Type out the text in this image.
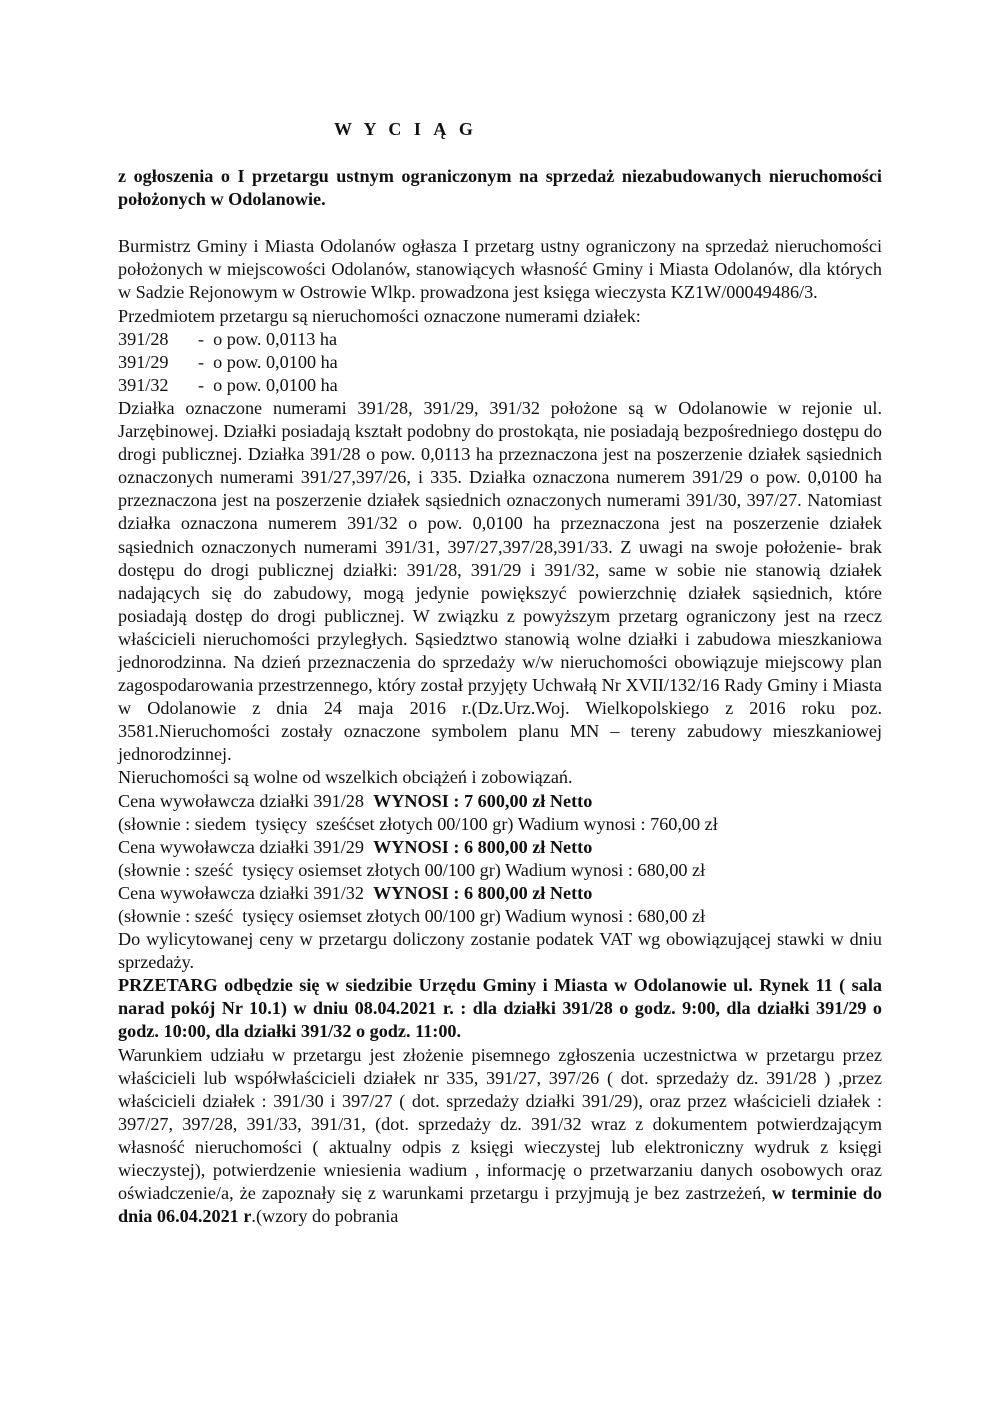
W Y C I Ą G

z ogłoszenia o I przetargu ustnym ograniczonym na sprzedaż niezabudowanych nieruchomości położonych w Odolanowie.

Burmistrz Gminy i Miasta Odolanów ogłasza I przetarg ustny ograniczony na sprzedaż nieruchomości położonych w miejscowości Odolanów, stanowiących własność Gminy i Miasta Odolanów, dla których w Sadzie Rejonowym w Ostrowie Wlkp. prowadzona jest księga wieczysta KZ1W/00049486/3.

Przedmiotem przetargu są nieruchomości oznaczone numerami działek:

391/28 -  o pow. 0,0113 ha

391/29 -  o pow. 0,0100 ha

391/32 -  o pow. 0,0100 ha

Działka oznaczone numerami 391/28, 391/29, 391/32 położone są w Odolanowie w rejonie ul. Jarzębinowej. Działki posiadają kształt podobny do prostokąta, nie posiadają bezpośredniego dostępu do drogi publicznej. Działka 391/28 o pow. 0,0113 ha przeznaczona jest na poszerzenie działek sąsiednich oznaczonych numerami 391/27,397/26, i 335. Działka oznaczona numerem 391/29 o pow. 0,0100 ha przeznaczona jest na poszerzenie działek sąsiednich oznaczonych numerami 391/30, 397/27. Natomiast działka oznaczona numerem 391/32 o pow. 0,0100 ha przeznaczona jest na poszerzenie działek sąsiednich oznaczonych numerami 391/31, 397/27,397/28,391/33. Z uwagi na swoje położenie- brak dostępu do drogi publicznej działki: 391/28, 391/29 i 391/32, same w sobie nie stanowią działek nadających się do zabudowy, mogą jedynie powiększyć powierzchnię działek sąsiednich, które posiadają dostęp do drogi publicznej. W związku z powyższym przetarg ograniczony jest na rzecz właścicieli nieruchomości przyległych. Sąsiedztwo stanowią wolne działki i zabudowa mieszkaniowa jednorodzinna. Na dzień przeznaczenia do sprzedaży w/w nieruchomości obowiązuje miejscowy plan zagospodarowania przestrzennego, który został przyjęty Uchwałą Nr XVII/132/16 Rady Gminy i Miasta w Odolanowie z dnia 24 maja 2016 r.(Dz.Urz.Woj. Wielkopolskiego z 2016 roku poz. 3581.Nieruchomości zostały oznaczone symbolem planu MN – tereny zabudowy mieszkaniowej jednorodzinnej.

Nieruchomości są wolne od wszelkich obciążeń i zobowiązań.

Cena wywoławcza działki 391/28  WYNOSI : 7 600,00 zł Netto

(słownie : siedem  tysięcy  sześćset złotych 00/100 gr) Wadium wynosi : 760,00 zł

Cena wywoławcza działki 391/29  WYNOSI : 6 800,00 zł Netto

(słownie : sześć  tysięcy osiemset złotych 00/100 gr) Wadium wynosi : 680,00 zł

Cena wywoławcza działki 391/32  WYNOSI : 6 800,00 zł Netto

(słownie : sześć  tysięcy osiemset złotych 00/100 gr) Wadium wynosi : 680,00 zł

Do wylicytowanej ceny w przetargu doliczony zostanie podatek VAT wg obowiązującej stawki w dniu sprzedaży.

PRZETARG odbędzie się w siedzibie Urzędu Gminy i Miasta w Odolanowie ul. Rynek 11 ( sala narad pokój Nr 10.1) w dniu 08.04.2021 r. : dla działki 391/28 o godz. 9:00, dla działki 391/29 o godz. 10:00, dla działki 391/32 o godz. 11:00.

Warunkiem udziału w przetargu jest złożenie pisemnego zgłoszenia uczestnictwa w przetargu przez właścicieli lub współwłaścicieli działek nr 335, 391/27, 397/26 ( dot. sprzedaży dz. 391/28 ) ,przez właścicieli działek : 391/30 i 397/27 ( dot. sprzedaży działki 391/29), oraz przez właścicieli działek : 397/27, 397/28, 391/33, 391/31, (dot. sprzedaży dz. 391/32 wraz z dokumentem potwierdzającym własność nieruchomości ( aktualny odpis z księgi wieczystej lub elektroniczny wydruk z księgi wieczystej), potwierdzenie wniesienia wadium , informację o przetwarzaniu danych osobowych oraz oświadczenie/a, że zapoznały się z warunkami przetargu i przyjmują je bez zastrzeżeń, w terminie do dnia 06.04.2021 r.(wzory do pobrania
